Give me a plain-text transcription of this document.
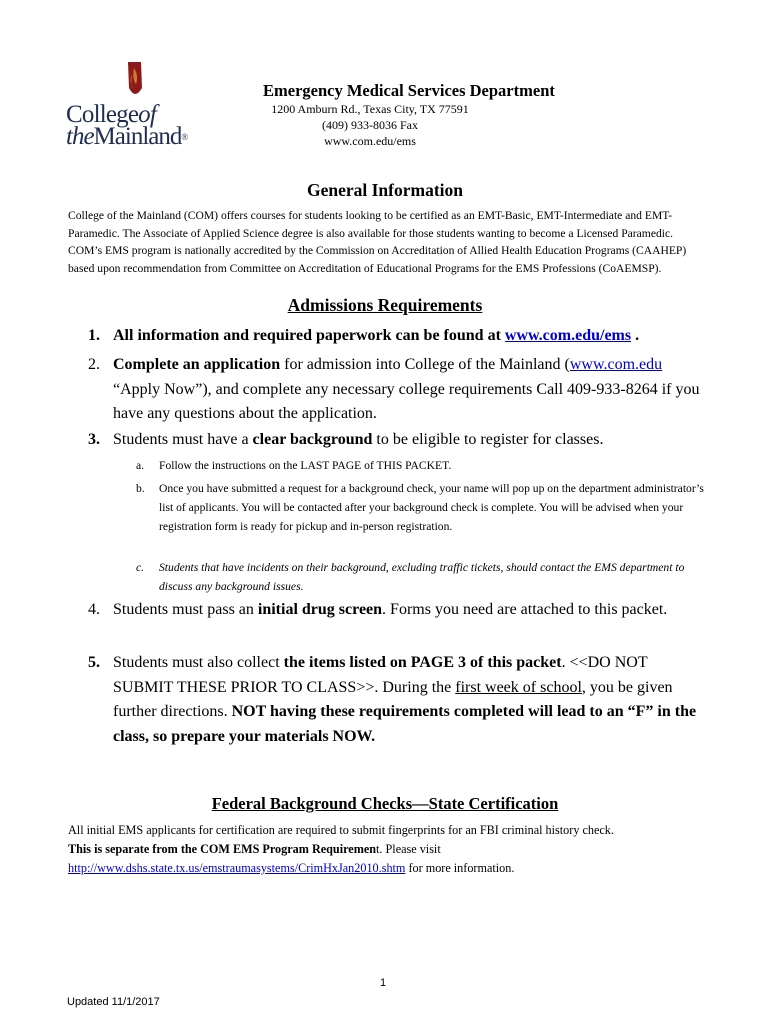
Collegeof
theMainland®
Emergency Medical Services Department
1200 Amburn Rd., Texas City, TX 77591
(409) 933-8036 Fax
www.com.edu/ems
General Information
College of the Mainland (COM) offers courses for students looking to be certified as an EMT-Basic, EMT-Intermediate and EMT-Paramedic. The Associate of Applied Science degree is also available for those students wanting to become a Licensed Paramedic. COM’s EMS program is nationally accredited by the Commission on Accreditation of Allied Health Education Programs (CAAHEP) based upon recommendation from Committee on Accreditation of Educational Programs for the EMS Professions (CoAEMSP).
Admissions Requirements
1. All information and required paperwork can be found at www.com.edu/ems .
2. Complete an application for admission into College of the Mainland (www.com.edu “Apply Now”), and complete any necessary college requirements Call 409-933-8264 if you have any questions about the application.
3. Students must have a clear background to be eligible to register for classes.
a. Follow the instructions on the LAST PAGE of THIS PACKET.
b. Once you have submitted a request for a background check, your name will pop up on the department administrator’s list of applicants. You will be contacted after your background check is complete. You will be advised when your registration form is ready for pickup and in-person registration.
c. Students that have incidents on their background, excluding traffic tickets, should contact the EMS department to discuss any background issues.
4. Students must pass an initial drug screen. Forms you need are attached to this packet.
5. Students must also collect the items listed on PAGE 3 of this packet. <<DO NOT SUBMIT THESE PRIOR TO CLASS>>. During the first week of school, you be given further directions. NOT having these requirements completed will lead to an “F” in the class, so prepare your materials NOW.
Federal Background Checks—State Certification
All initial EMS applicants for certification are required to submit fingerprints for an FBI criminal history check.
This is separate from the COM EMS Program Requirement. Please visit
http://www.dshs.state.tx.us/emstraumasystems/CrimHxJan2010.shtm for more information.
1
Updated 11/1/2017
